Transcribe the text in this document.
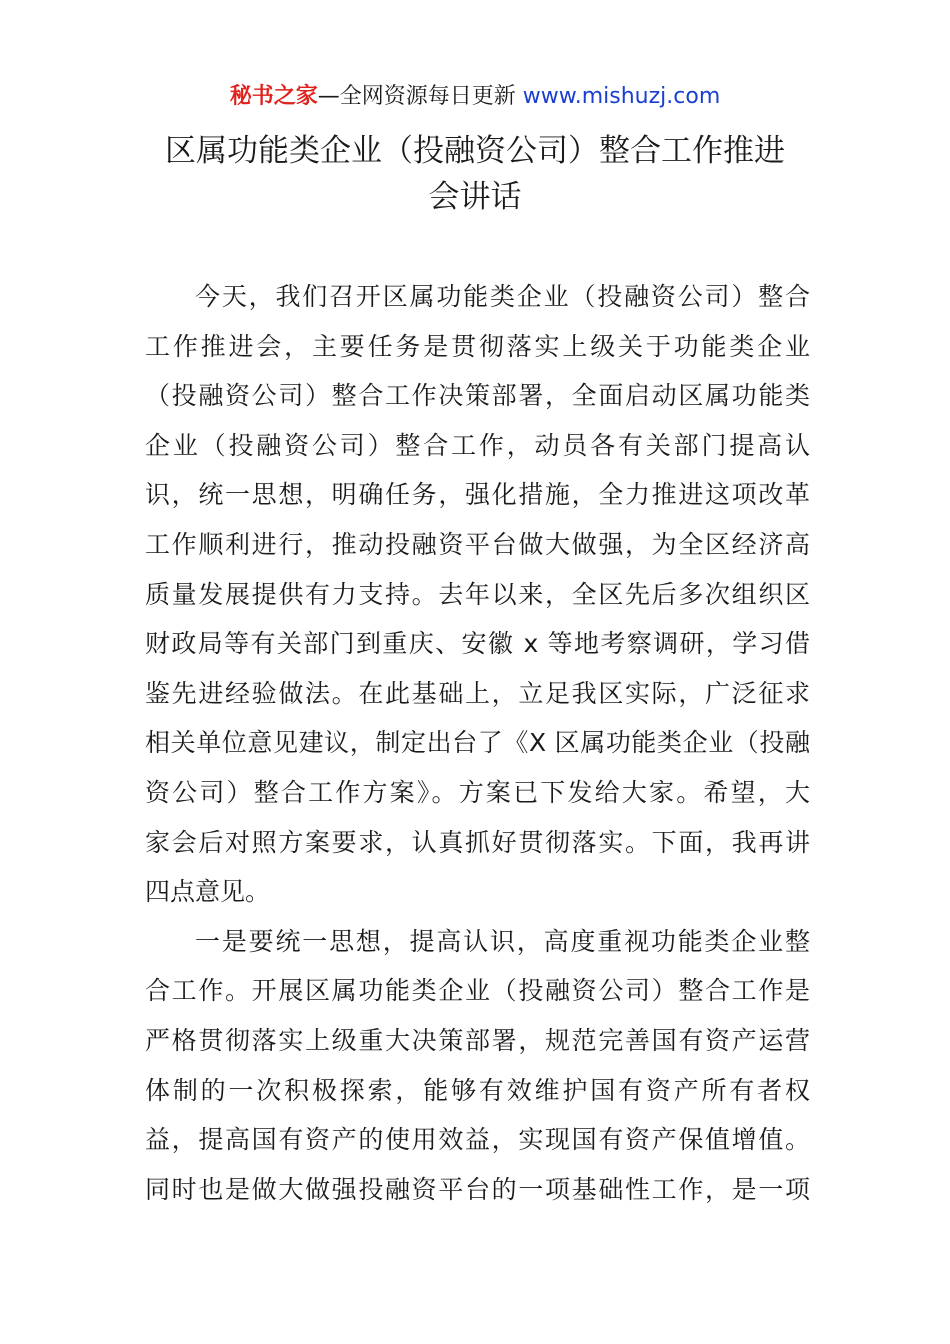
秘书之家—全网资源每日更新 www.mishuzj.com
区属功能类企业（投融资公司）整合工作推进
会讲话

今天，我们召开区属功能类企业（投融资公司）整合
工作推进会，主要任务是贯彻落实上级关于功能类企业
（投融资公司）整合工作决策部署，全面启动区属功能类
企业（投融资公司）整合工作，动员各有关部门提高认
识，统一思想，明确任务，强化措施，全力推进这项改革
工作顺利进行，推动投融资平台做大做强，为全区经济高
质量发展提供有力支持。去年以来，全区先后多次组织区
财政局等有关部门到重庆、安徽 x 等地考察调研，学习借
鉴先进经验做法。在此基础上，立足我区实际，广泛征求
相关单位意见建议，制定出台了《X 区属功能类企业（投融
资公司）整合工作方案》。方案已下发给大家。希望，大
家会后对照方案要求，认真抓好贯彻落实。下面，我再讲
四点意见。

一是要统一思想，提高认识，高度重视功能类企业整
合工作。开展区属功能类企业（投融资公司）整合工作是
严格贯彻落实上级重大决策部署，规范完善国有资产运营
体制的一次积极探索，能够有效维护国有资产所有者权
益，提高国有资产的使用效益，实现国有资产保值增值。
同时也是做大做强投融资平台的一项基础性工作，是一项
